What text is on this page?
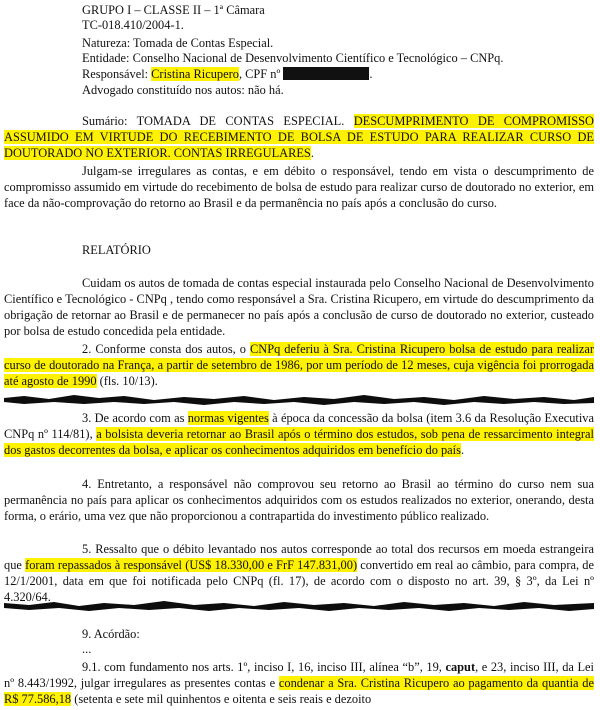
GRUPO I – CLASSE II – 1ª Câmara
TC-018.410/2004-1.
Natureza: Tomada de Contas Especial.
Entidade: Conselho Nacional de Desenvolvimento Científico e Tecnológico – CNPq.
Responsável: Cristina Ricupero, CPF nº	.
Advogado constituído nos autos: não há.
Sumário: TOMADA DE CONTAS ESPECIAL. DESCUMPRIMENTO DE COMPROMISSO ASSUMIDO EM VIRTUDE DO RECEBIMENTO DE BOLSA DE ESTUDO PARA REALIZAR CURSO DE DOUTORADO NO EXTERIOR. CONTAS IRREGULARES.
Julgam-se irregulares as contas, e em débito o responsável, tendo em vista o descumprimento de compromisso assumido em virtude do recebimento de bolsa de estudo para realizar curso de doutorado no exterior, em face da não-comprovação do retorno ao Brasil e da permanência no país após a conclusão do curso.
RELATÓRIO
Cuidam os autos de tomada de contas especial instaurada pelo Conselho Nacional de Desenvolvimento Científico e Tecnológico - CNPq , tendo como responsável a Sra. Cristina Ricupero, em virtude do descumprimento da obrigação de retornar ao Brasil e de permanecer no país após a conclusão de curso de doutorado no exterior, custeado por bolsa de estudo concedida pela entidade.
2. Conforme consta dos autos, o CNPq deferiu à Sra. Cristina Ricupero bolsa de estudo para realizar curso de doutorado na França, a partir de setembro de 1986, por um período de 12 meses, cuja vigência foi prorrogada até agosto de 1990 (fls. 10/13).
3. De acordo com as normas vigentes à época da concessão da bolsa (item 3.6 da Resolução Executiva CNPq nº 114/81), a bolsista deveria retornar ao Brasil após o término dos estudos, sob pena de ressarcimento integral dos gastos decorrentes da bolsa, e aplicar os conhecimentos adquiridos em benefício do país.
4. Entretanto, a responsável não comprovou seu retorno ao Brasil ao término do curso nem sua permanência no país para aplicar os conhecimentos adquiridos com os estudos realizados no exterior, onerando, desta forma, o erário, uma vez que não proporcionou a contrapartida do investimento público realizado.
5. Ressalto que o débito levantado nos autos corresponde ao total dos recursos em moeda estrangeira que foram repassados à responsável (US$ 18.330,00 e FrF 147.831,00) convertido em real ao câmbio, para compra, de 12/1/2001, data em que foi notificada pelo CNPq (fl. 17), de acordo com o disposto no art. 39, § 3º, da Lei nº 4.320/64.
9. Acórdão:
...
9.1. com fundamento nos arts. 1º, inciso I, 16, inciso III, alínea “b”, 19, caput, e 23, inciso III, da Lei nº 8.443/1992, julgar irregulares as presentes contas e condenar a Sra. Cristina Ricupero ao pagamento da quantia de R$ 77.586,18 (setenta e sete mil quinhentos e oitenta e seis reais e dezoito
